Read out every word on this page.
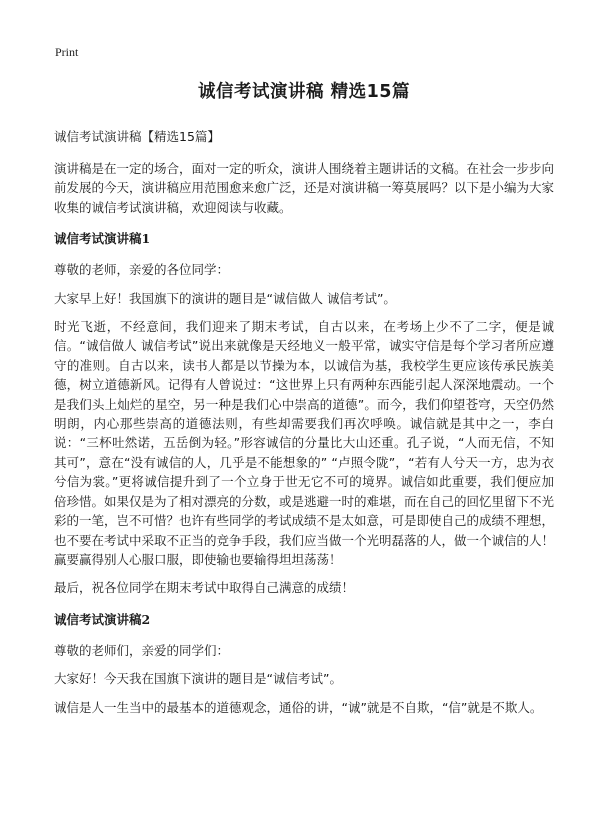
Print
诚信考试演讲稿 精选15篇
诚信考试演讲稿【精选15篇】

演讲稿是在一定的场合，面对一定的听众，演讲人围绕着主题讲话的文稿。在社会一步步向前发展的今天，演讲稿应用范围愈来愈广泛，还是对演讲稿一筹莫展吗？以下是小编为大家收集的诚信考试演讲稿，欢迎阅读与收藏。

诚信考试演讲稿1

尊敬的老师，亲爱的各位同学：

大家早上好！我国旗下的演讲的题目是“诚信做人 诚信考试”。

时光飞逝，不经意间，我们迎来了期末考试，自古以来，在考场上少不了二字，便是诚信。“诚信做人 诚信考试”说出来就像是天经地义一般平常，诚实守信是每个学习者所应遵守的准则。自古以来，读书人都是以节操为本，以诚信为基，我校学生更应该传承民族美德，树立道德新风。记得有人曾说过：“这世界上只有两种东西能引起人深深地震动。一个是我们头上灿烂的星空，另一种是我们心中崇高的道德”。而今，我们仰望苍穹，天空仍然明朗，内心那些崇高的道德法则，有些却需要我们再次呼唤。诚信就是其中之一，李白说：“三杯吐然诺，五岳倒为轻。”形容诚信的分量比大山还重。孔子说，“人而无信，不知其可”，意在“没有诚信的人，几乎是不能想象的” “卢照令陇”，“若有人兮天一方，忠为衣兮信为裳。”更将诚信提升到了一个立身于世无它不可的境界。诚信如此重要，我们便应加倍珍惜。如果仅是为了相对漂亮的分数，或是逃避一时的难堪，而在自己的回忆里留下不光彩的一笔，岂不可惜？也许有些同学的考试成绩不是太如意，可是即使自己的成绩不理想，也不要在考试中采取不正当的竞争手段，我们应当做一个光明磊落的人，做一个诚信的人！赢要赢得别人心服口服，即使输也要输得坦坦荡荡！

最后，祝各位同学在期末考试中取得自己满意的成绩！

诚信考试演讲稿2

尊敬的老师们，亲爱的同学们：

大家好！今天我在国旗下演讲的题目是“诚信考试”。

诚信是人一生当中的最基本的道德观念，通俗的讲，“诚”就是不自欺，“信”就是不欺人。
